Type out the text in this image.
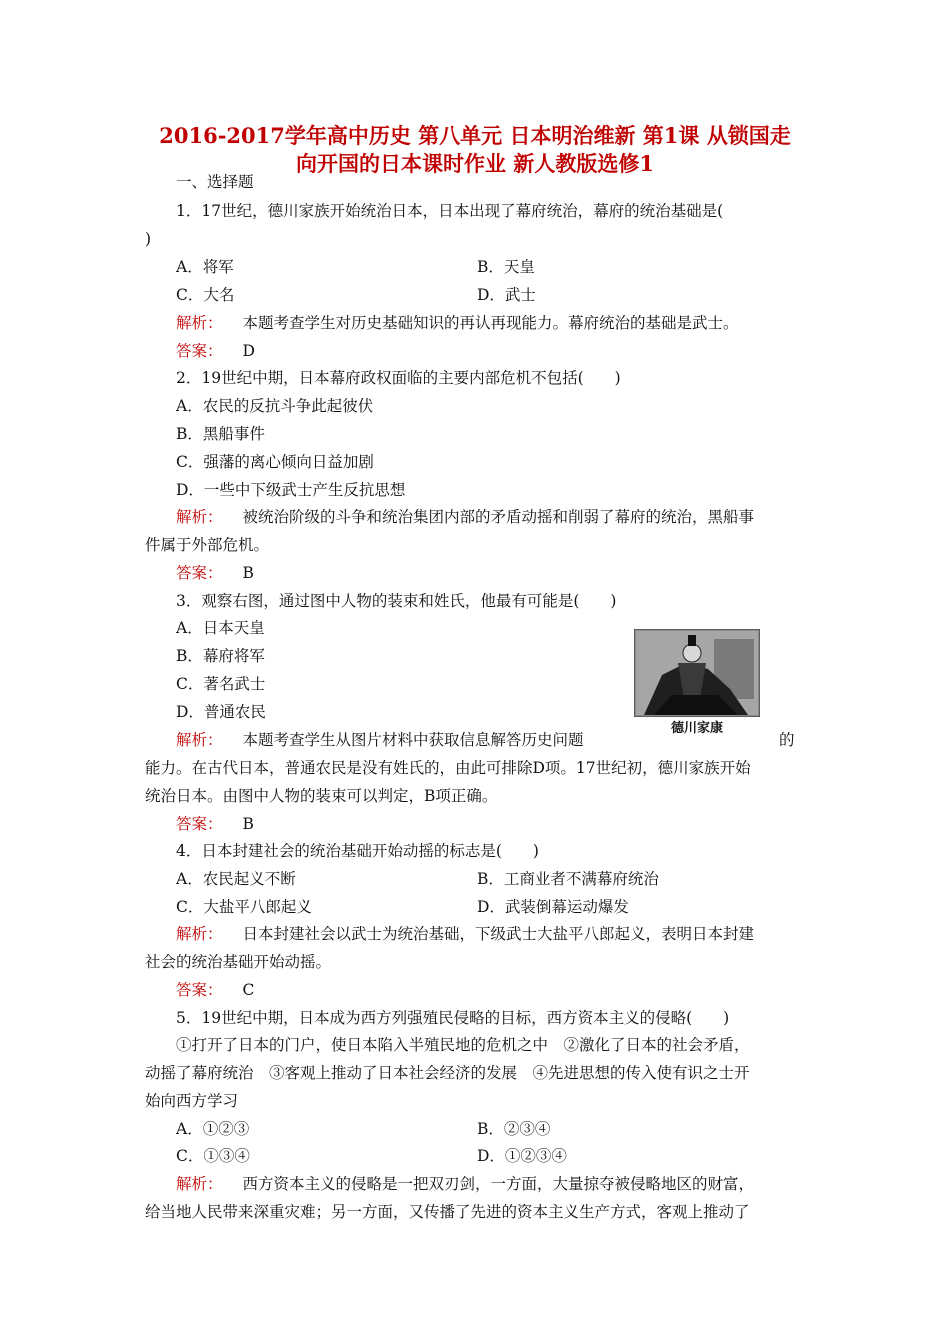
2016-2017学年高中历史 第八单元 日本明治维新 第1课 从锁国走
向开国的日本课时作业 新人教版选修1
一、选择题
1．17世纪，德川家族开始统治日本，日本出现了幕府统治，幕府的统治基础是(
)
A．将军	B．天皇
C．大名	D．武士
解析： 本题考查学生对历史基础知识的再认再现能力。幕府统治的基础是武士。
答案： D
2．19世纪中期，日本幕府政权面临的主要内部危机不包括(　　)
A．农民的反抗斗争此起彼伏
B．黑船事件
C．强藩的离心倾向日益加剧
D．一些中下级武士产生反抗思想
解析： 被统治阶级的斗争和统治集团内部的矛盾动摇和削弱了幕府的统治，黑船事
件属于外部危机。
答案： B
3．观察右图，通过图中人物的装束和姓氏，他最有可能是(　　)
A．日本天皇
B．幕府将军
C．著名武士
D．普通农民
德川家康
解析： 本题考查学生从图片材料中获取信息解答历史问题	的
能力。在古代日本，普通农民是没有姓氏的，由此可排除D项。17世纪初，德川家族开始
统治日本。由图中人物的装束可以判定，B项正确。
答案： B
4．日本封建社会的统治基础开始动摇的标志是(　　)
A．农民起义不断	B．工商业者不满幕府统治
C．大盐平八郎起义	D．武装倒幕运动爆发
解析： 日本封建社会以武士为统治基础，下级武士大盐平八郎起义，表明日本封建
社会的统治基础开始动摇。
答案： C
5．19世纪中期，日本成为西方列强殖民侵略的目标，西方资本主义的侵略(　　)
①打开了日本的门户，使日本陷入半殖民地的危机之中　②激化了日本的社会矛盾，
动摇了幕府统治　③客观上推动了日本社会经济的发展　④先进思想的传入使有识之士开
始向西方学习
A．①②③	B．②③④
C．①③④	D．①②③④
解析： 西方资本主义的侵略是一把双刃剑，一方面，大量掠夺被侵略地区的财富，
给当地人民带来深重灾难；另一方面，又传播了先进的资本主义生产方式，客观上推动了
